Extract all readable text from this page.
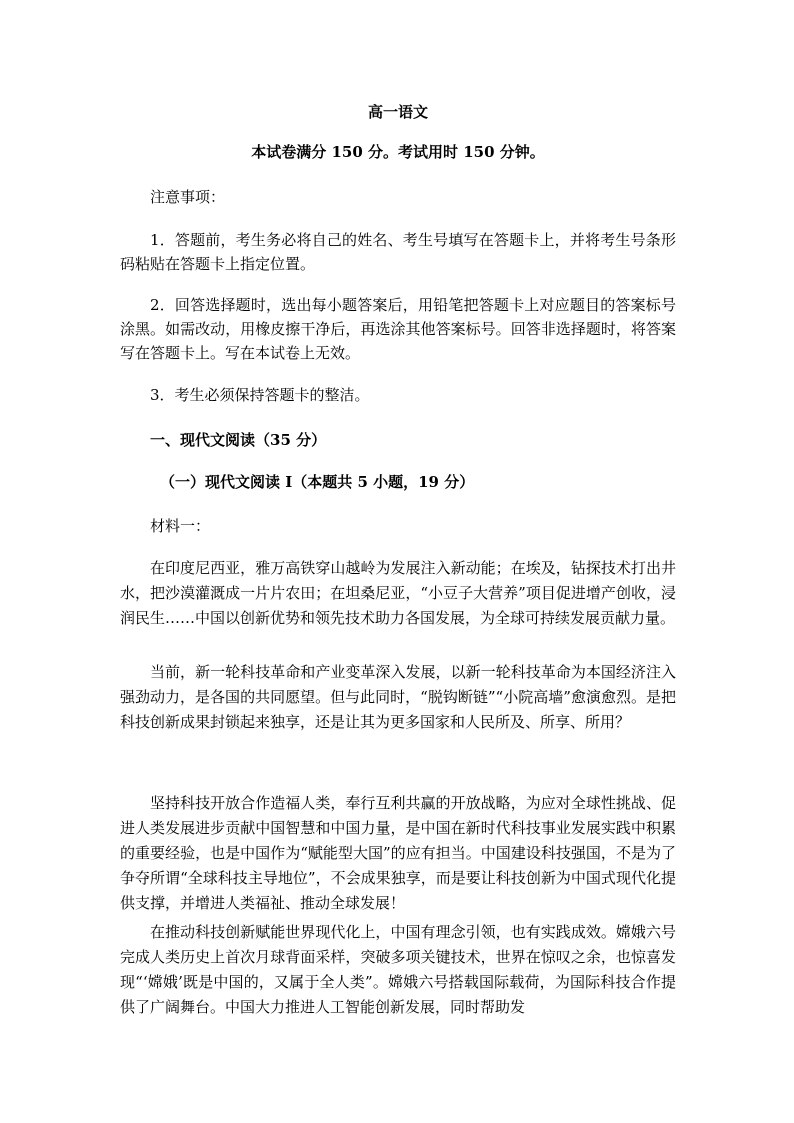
高一语文
本试卷满分 150 分。考试用时 150 分钟。
注意事项：
1．答题前，考生务必将自己的姓名、考生号填写在答题卡上，并将考生号条形码粘贴在答题卡上指定位置。
2．回答选择题时，选出每小题答案后，用铅笔把答题卡上对应题目的答案标号涂黑。如需改动，用橡皮擦干净后，再选涂其他答案标号。回答非选择题时，将答案写在答题卡上。写在本试卷上无效。
3．考生必须保持答题卡的整洁。
一、现代文阅读（35 分）
（一）现代文阅读 I（本题共 5 小题，19 分）
材料一：
在印度尼西亚，雅万高铁穿山越岭为发展注入新动能；在埃及，钻探技术打出井水，把沙漠灌溉成一片片农田；在坦桑尼亚，“小豆子大营养”项目促进增产创收，浸润民生……中国以创新优势和领先技术助力各国发展，为全球可持续发展贡献力量。
当前，新一轮科技革命和产业变革深入发展，以新一轮科技革命为本国经济注入强劲动力，是各国的共同愿望。但与此同时，“脱钩断链”“小院高墙”愈演愈烈。是把科技创新成果封锁起来独享，还是让其为更多国家和人民所及、所享、所用？
坚持科技开放合作造福人类，奉行互利共赢的开放战略，为应对全球性挑战、促进人类发展进步贡献中国智慧和中国力量，是中国在新时代科技事业发展实践中积累的重要经验，也是中国作为“赋能型大国”的应有担当。中国建设科技强国，不是为了争夺所谓“全球科技主导地位”，不会成果独享，而是要让科技创新为中国式现代化提供支撑，并增进人类福祉、推动全球发展！
在推动科技创新赋能世界现代化上，中国有理念引领，也有实践成效。嫦娥六号完成人类历史上首次月球背面采样，突破多项关键技术，世界在惊叹之余，也惊喜发现“‘嫦娥’既是中国的，又属于全人类”。嫦娥六号搭载国际载荷，为国际科技合作提供了广阔舞台。中国大力推进人工智能创新发展，同时帮助发
